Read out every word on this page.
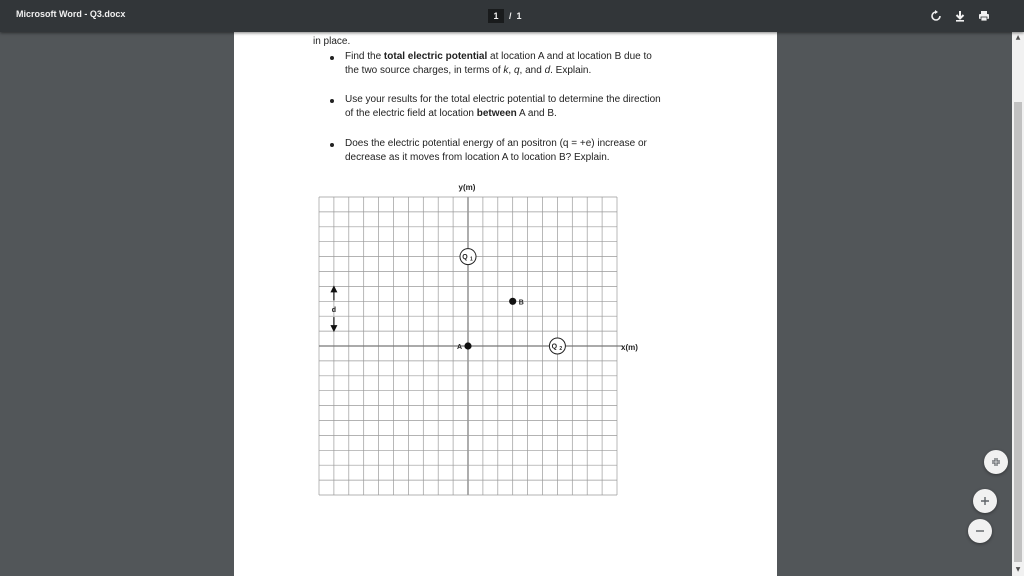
Microsoft Word - Q3.docx	1	/ 1
in place.
Find the total electric potential at location A and at location B due to
the two source charges, in terms of k, q, and d. Explain.
Use your results for the total electric potential to determine the direction
of the electric field at location between A and B.
Does the electric potential energy of an positron (q = +e) increase or
decrease as it moves from location A to location B? Explain.
y(m)
x(m)
Q 1
Q 2
A
B
d
▲
▼
